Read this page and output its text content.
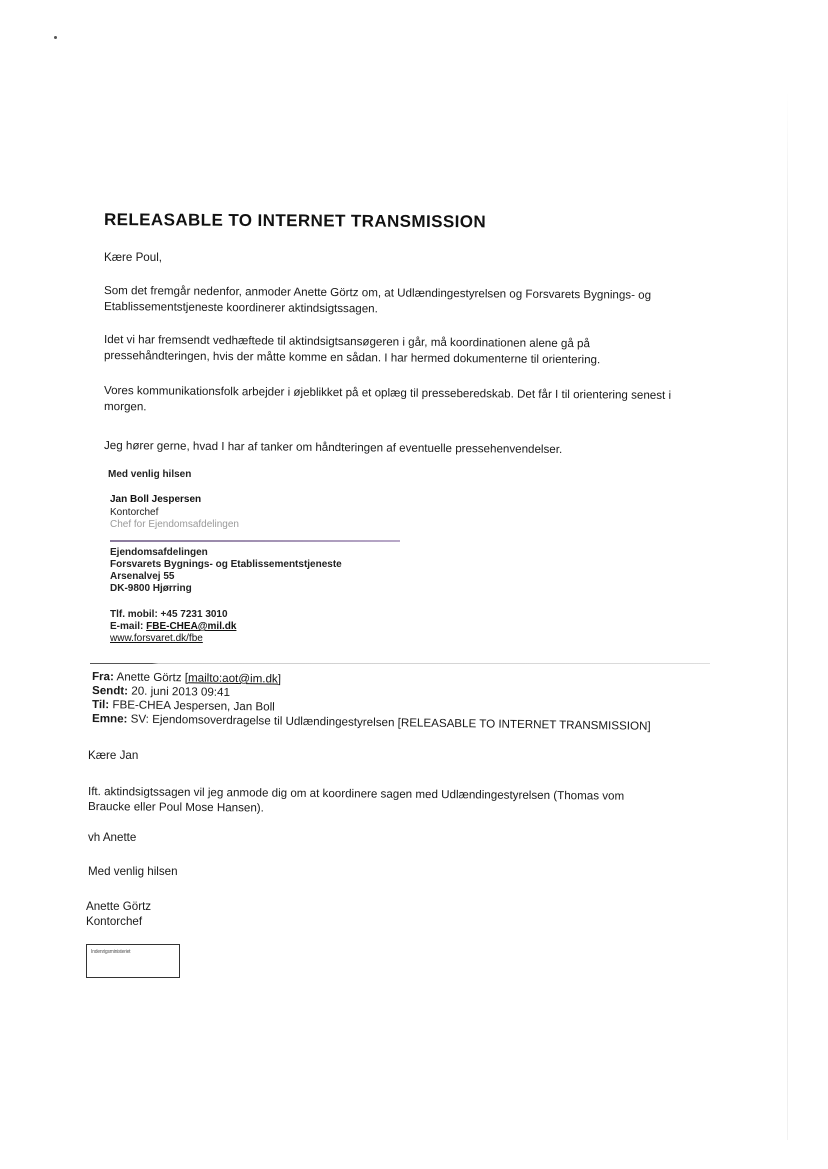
RELEASABLE TO INTERNET TRANSMISSION
Kære Poul,
Som det fremgår nedenfor, anmoder Anette Görtz om, at Udlændingestyrelsen og Forsvarets Bygnings- og
Etablissementstjeneste koordinerer aktindsigtssagen.
Idet vi har fremsendt vedhæftede til aktindsigtsansøgeren i går, må koordinationen alene gå på
pressehåndteringen, hvis der måtte komme en sådan. I har hermed dokumenterne til orientering.
Vores kommunikationsfolk arbejder i øjeblikket på et oplæg til presseberedskab. Det får I til orientering senest i
morgen.
Jeg hører gerne, hvad I har af tanker om håndteringen af eventuelle pressehenvendelser.
Med venlig hilsen
Jan Boll Jespersen
Kontorchef
Chef for Ejendomsafdelingen
Ejendomsafdelingen
Forsvarets Bygnings- og Etablissementstjeneste
Arsenalvej 55
DK-9800 Hjørring
Tlf. mobil: +45 7231 3010
E-mail: FBE-CHEA@mil.dk
www.forsvaret.dk/fbe
Fra: Anette Görtz [mailto:aot@im.dk]
Sendt: 20. juni 2013 09:41
Til: FBE-CHEA Jespersen, Jan Boll
Emne: SV: Ejendomsoverdragelse til Udlændingestyrelsen [RELEASABLE TO INTERNET TRANSMISSION]
Kære Jan
Ift. aktindsigtssagen vil jeg anmode dig om at koordinere sagen med Udlændingestyrelsen (Thomas vom
Braucke eller Poul Mose Hansen).
vh Anette
Med venlig hilsen
Anette Görtz
Kontorchef
Indenrigsministeriet
